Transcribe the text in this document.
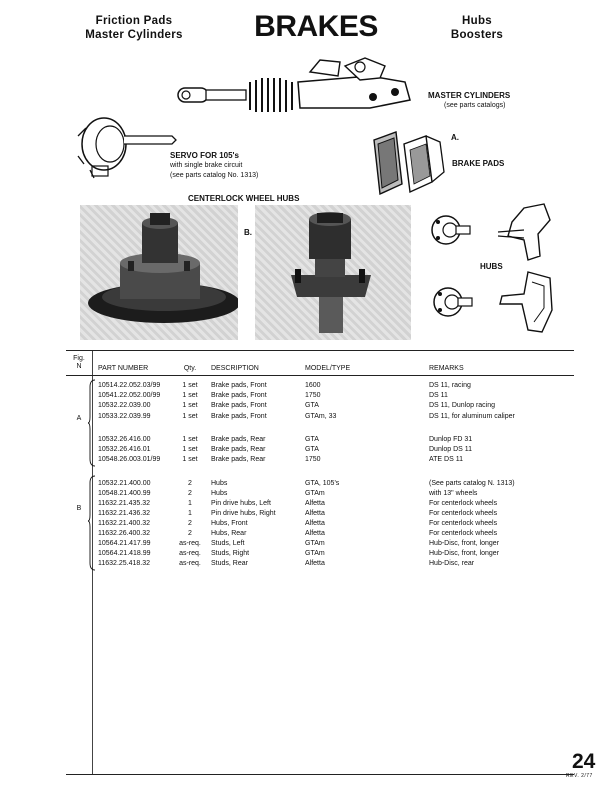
Friction Pads
Master Cylinders	BRAKES	Hubs
Boosters
MASTER CYLINDERS
(see parts catalogs)
SERVO FOR 105's
with single brake circuit
(see parts catalog No. 1313)
A.
BRAKE PADS
CENTERLOCK WHEEL HUBS
B.
HUBS
Fig.
N	PART NUMBER	Qty.	DESCRIPTION	MODEL/TYPE	REMARKS
A
B
10514.22.052.03/99	1 set	Brake pads, Front	1600	DS 11, racing
10541.22.052.00/99	1 set	Brake pads, Front	1750	DS 11
10532.22.039.00	1 set	Brake pads, Front	GTA	DS 11, Dunlop racing
10533.22.039.99	1 set	Brake pads, Front	GTAm, 33	DS 11, for aluminum caliper
10532.26.416.00	1 set	Brake pads, Rear	GTA	Dunlop FD 31
10532.26.416.01	1 set	Brake pads, Rear	GTA	Dunlop DS 11
10548.26.003.01/99	1 set	Brake pads, Rear	1750	ATE DS 11
10532.21.400.00	2	Hubs	GTA, 105's	(See parts catalog N. 1313)
10548.21.400.99	2	Hubs	GTAm	with 13" wheels
11632.21.435.32	1	Pin drive hubs, Left	Alfetta	For centerlock wheels
11632.21.436.32	1	Pin drive hubs, Right	Alfetta	For centerlock wheels
11632.21.400.32	2	Hubs, Front	Alfetta	For centerlock wheels
11632.26.400.32	2	Hubs, Rear	Alfetta	For centerlock wheels
10564.21.417.99	as-req.	Studs, Left	GTAm	Hub-Disc, front, longer
10564.21.418.99	as-req.	Studs, Right	GTAm	Hub-Disc, front, longer
11632.25.418.32	as-req.	Studs, Rear	Alfetta	Hub-Disc, rear
24
REV. 2/77
